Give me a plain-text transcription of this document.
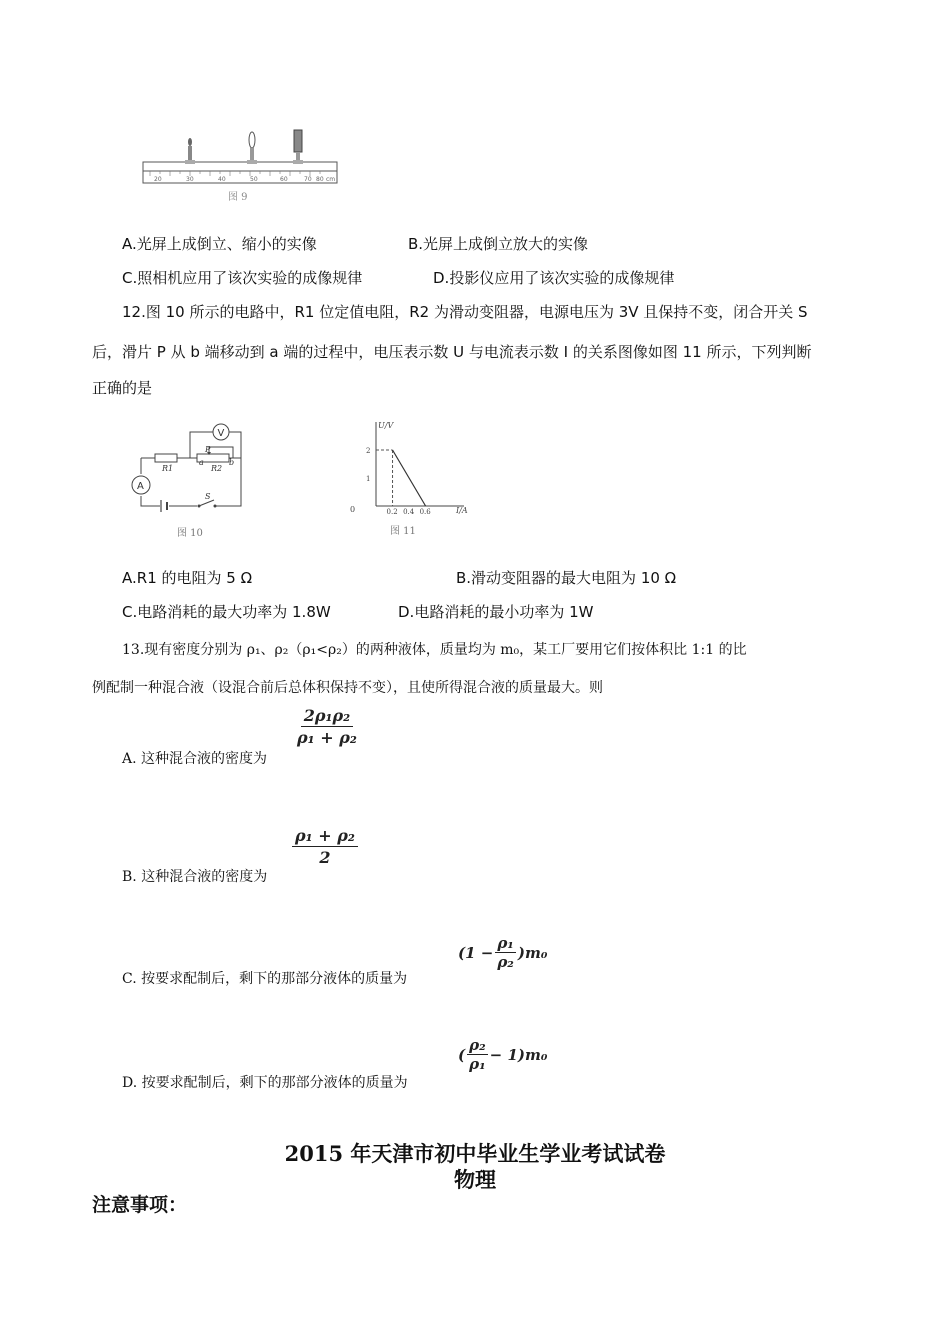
20	30	40	50	60	70 80 cm
图 9
A.光屏上成倒立、缩小的实像	B.光屏上成倒立放大的实像
C.照相机应用了该次实验的成像规律	D.投影仪应用了该次实验的成像规律
12.图 10 所示的电路中，R1 位定值电阻，R2 为滑动变阻器，电源电压为 3V 且保持不变，闭合开关 S
后，滑片 P 从 b 端移动到 a 端的过程中，电压表示数 U 与电流表示数 I 的关系图像如图 11 所示，下列判断
正确的是
V
A
R1	R2
P
a	b
S
图 10
U/V
I/A
0	0.2 0.4 0.6
1
2
图 11
A.R1 的电阻为 5 Ω	B.滑动变阻器的最大电阻为 10 Ω
C.电路消耗的最大功率为 1.8W	D.电路消耗的最小功率为 1W
13.现有密度分别为 ρ₁、ρ₂（ρ₁<ρ₂）的两种液体，质量均为 m₀，某工厂要用它们按体积比 1:1 的比
例配制一种混合液（设混合前后总体积保持不变），且使所得混合液的质量最大。则
A. 这种混合液的密度为
$\frac{\text{2ρ₁ρ₂}}{\text{ρ₁ + ρ₂}}$
B. 这种混合液的密度为
$\frac{\text{ρ₁ + ρ₂}}{2}$
C. 按要求配制后，剩下的那部分液体的质量为
$(1 - \frac{\text{ρ₁}}{\text{ρ₂}} )m_0$
D. 按要求配制后，剩下的那部分液体的质量为
( $\frac{\text{ρ₂}}{\text{ρ₁}} - 1)m_0$
2015 年天津市初中毕业生学业考试试卷
物理
注意事项：
